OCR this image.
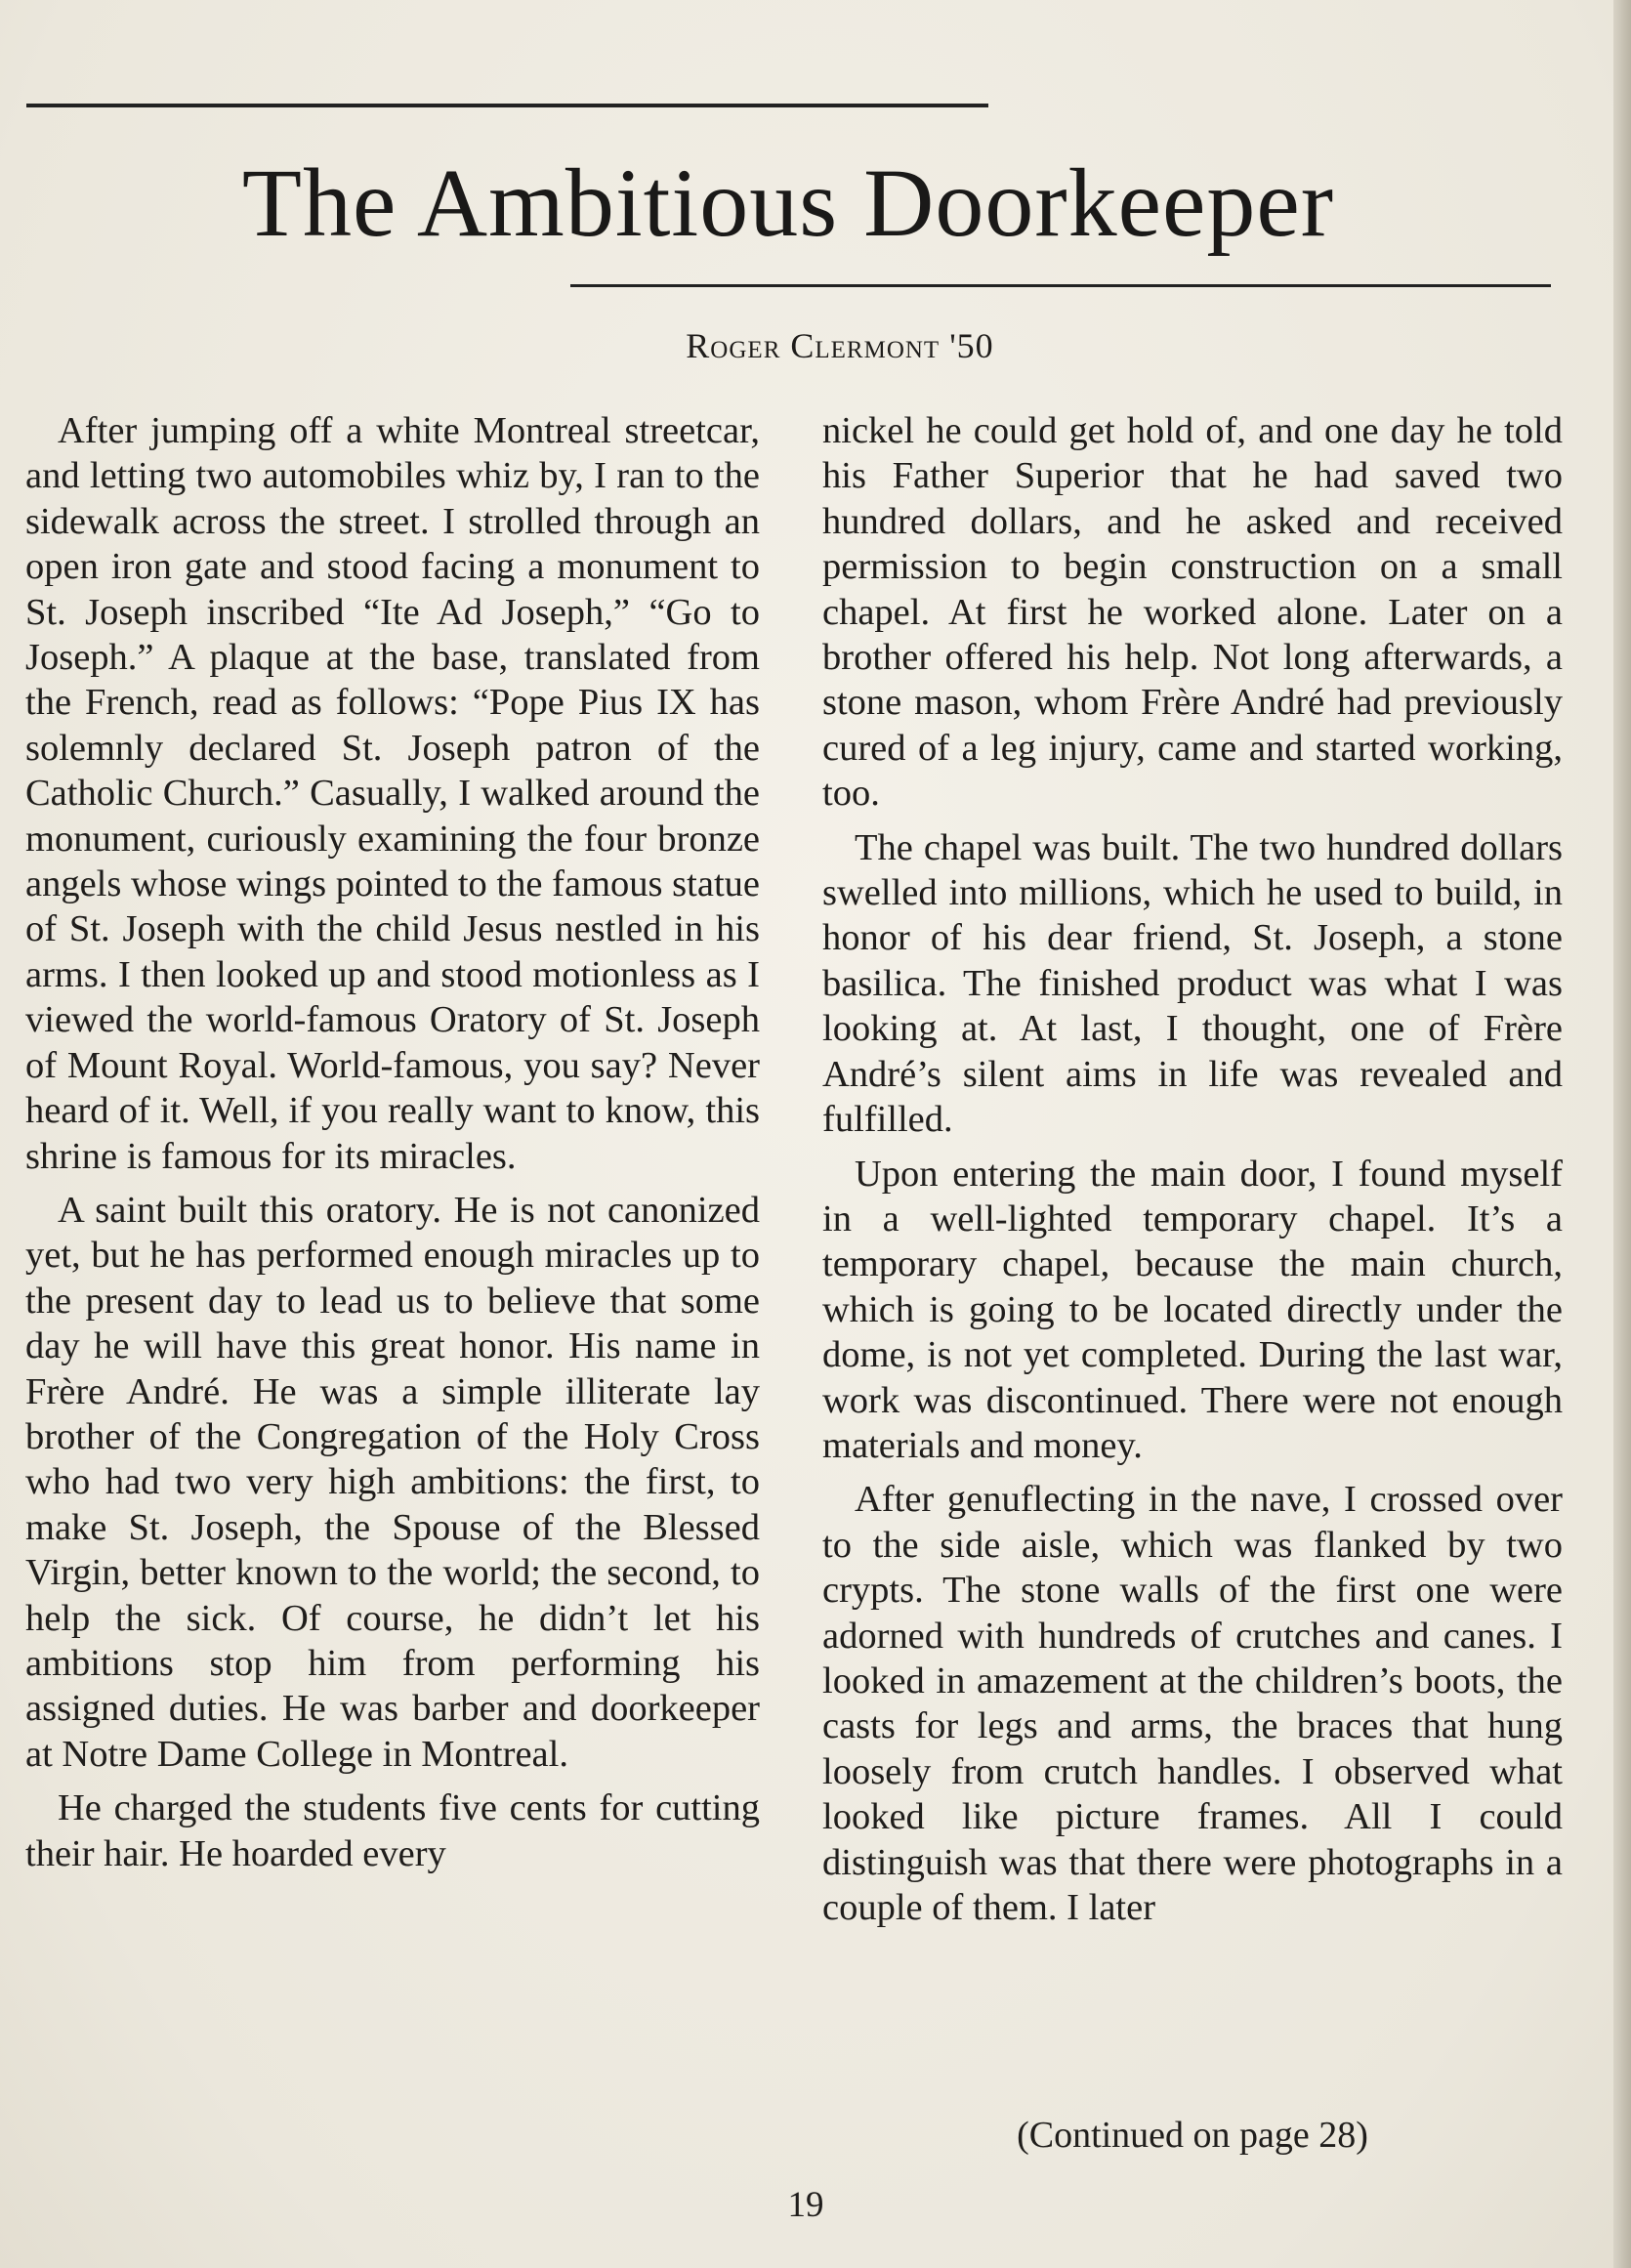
The Ambitious Doorkeeper
Roger Clermont '50

After jumping off a white Montreal streetcar, and letting two automobiles whiz by, I ran to the sidewalk across the street. I strolled through an open iron gate and stood facing a monument to St. Joseph inscribed “Ite Ad Joseph,” “Go to Joseph.” A plaque at the base, translated from the French, read as follows: “Pope Pius IX has solemnly declared St. Joseph patron of the Catholic Church.” Casually, I walked around the monument, curiously examining the four bronze angels whose wings pointed to the famous statue of St. Joseph with the child Jesus nestled in his arms. I then looked up and stood motionless as I viewed the world-famous Oratory of St. Joseph of Mount Royal. World-famous, you say? Never heard of it. Well, if you really want to know, this shrine is famous for its miracles.

A saint built this oratory. He is not canonized yet, but he has performed enough miracles up to the present day to lead us to believe that some day he will have this great honor. His name in Frère André. He was a simple illiterate lay brother of the Congregation of the Holy Cross who had two very high ambitions: the first, to make St. Joseph, the Spouse of the Blessed Virgin, better known to the world; the second, to help the sick. Of course, he didn’t let his ambitions stop him from performing his assigned duties. He was barber and doorkeeper at Notre Dame College in Montreal.

He charged the students five cents for cutting their hair. He hoarded every

nickel he could get hold of, and one day he told his Father Superior that he had saved two hundred dollars, and he asked and received permission to begin construction on a small chapel. At first he worked alone. Later on a brother offered his help. Not long afterwards, a stone mason, whom Frère André had previously cured of a leg injury, came and started working, too.

The chapel was built. The two hundred dollars swelled into millions, which he used to build, in honor of his dear friend, St. Joseph, a stone basilica. The finished product was what I was looking at. At last, I thought, one of Frère André’s silent aims in life was revealed and fulfilled.

Upon entering the main door, I found myself in a well-lighted temporary chapel. It’s a temporary chapel, because the main church, which is going to be located directly under the dome, is not yet completed. During the last war, work was discontinued. There were not enough materials and money.

After genuflecting in the nave, I crossed over to the side aisle, which was flanked by two crypts. The stone walls of the first one were adorned with hundreds of crutches and canes. I looked in amazement at the children’s boots, the casts for legs and arms, the braces that hung loosely from crutch handles. I observed what looked like picture frames. All I could distinguish was that there were photographs in a couple of them. I later

(Continued on page 28)
19
